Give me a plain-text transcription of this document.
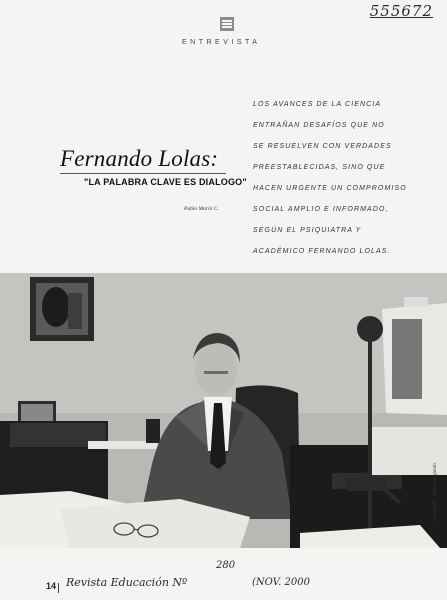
555672
ENTREVISTA
Fernando Lolas:
"LA PALABRA CLAVE ES DIALOGO"
Pablo Marín C.

LOS AVANCES DE LA CIENCIA
ENTRAÑAN DESAFÍOS QUE NO
SE RESUELVEN CON VERDADES
PREESTABLECIDAS, SINO QUE
HACEN URGENTE UN COMPROMISO
SOCIAL AMPLIO E INFORMADO,
SEGÚN EL PSIQUIATRA Y
ACADÉMICO FERNANDO LOLAS.

Fotografía: Manuel Gajardo
14 Revista Educación Nº
280
(NOV. 2000
